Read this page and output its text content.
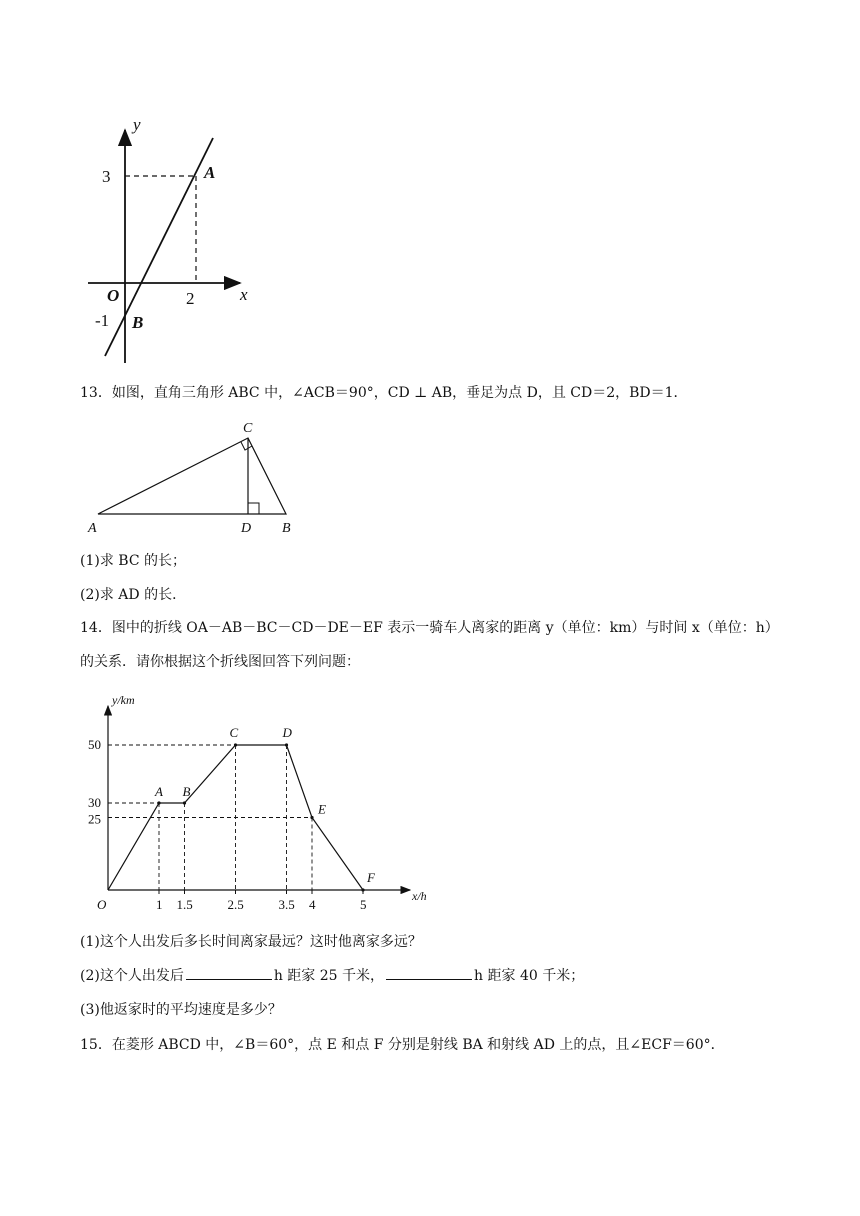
y
x
O
3
-1
2
A
B
13．如图，直角三角形 ABC 中，∠ACB＝90°，CD ⊥ AB，垂足为点 D，且 CD＝2，BD＝1．
C
A	D B
(1)求 BC 的长；
(2)求 AD 的长．
14．图中的折线 OA－AB－BC－CD－DE－EF 表示一骑车人离家的距离 y（单位：km）与时间 x（单位：h）
的关系．请你根据这个折线图回答下列问题：
y/km
x/h
O	1 1.5	2.5	3.5 4	5
25
30
50
A B
C	D
E
F
(1)这个人出发后多长时间离家最远？这时他离家多远？
(2)这个人出发后	h 距家 25 千米，	h 距家 40 千米；
(3)他返家时的平均速度是多少？
15．在菱形 ABCD 中，∠B＝60°，点 E 和点 F 分别是射线 BA 和射线 AD 上的点，且∠ECF＝60°．
